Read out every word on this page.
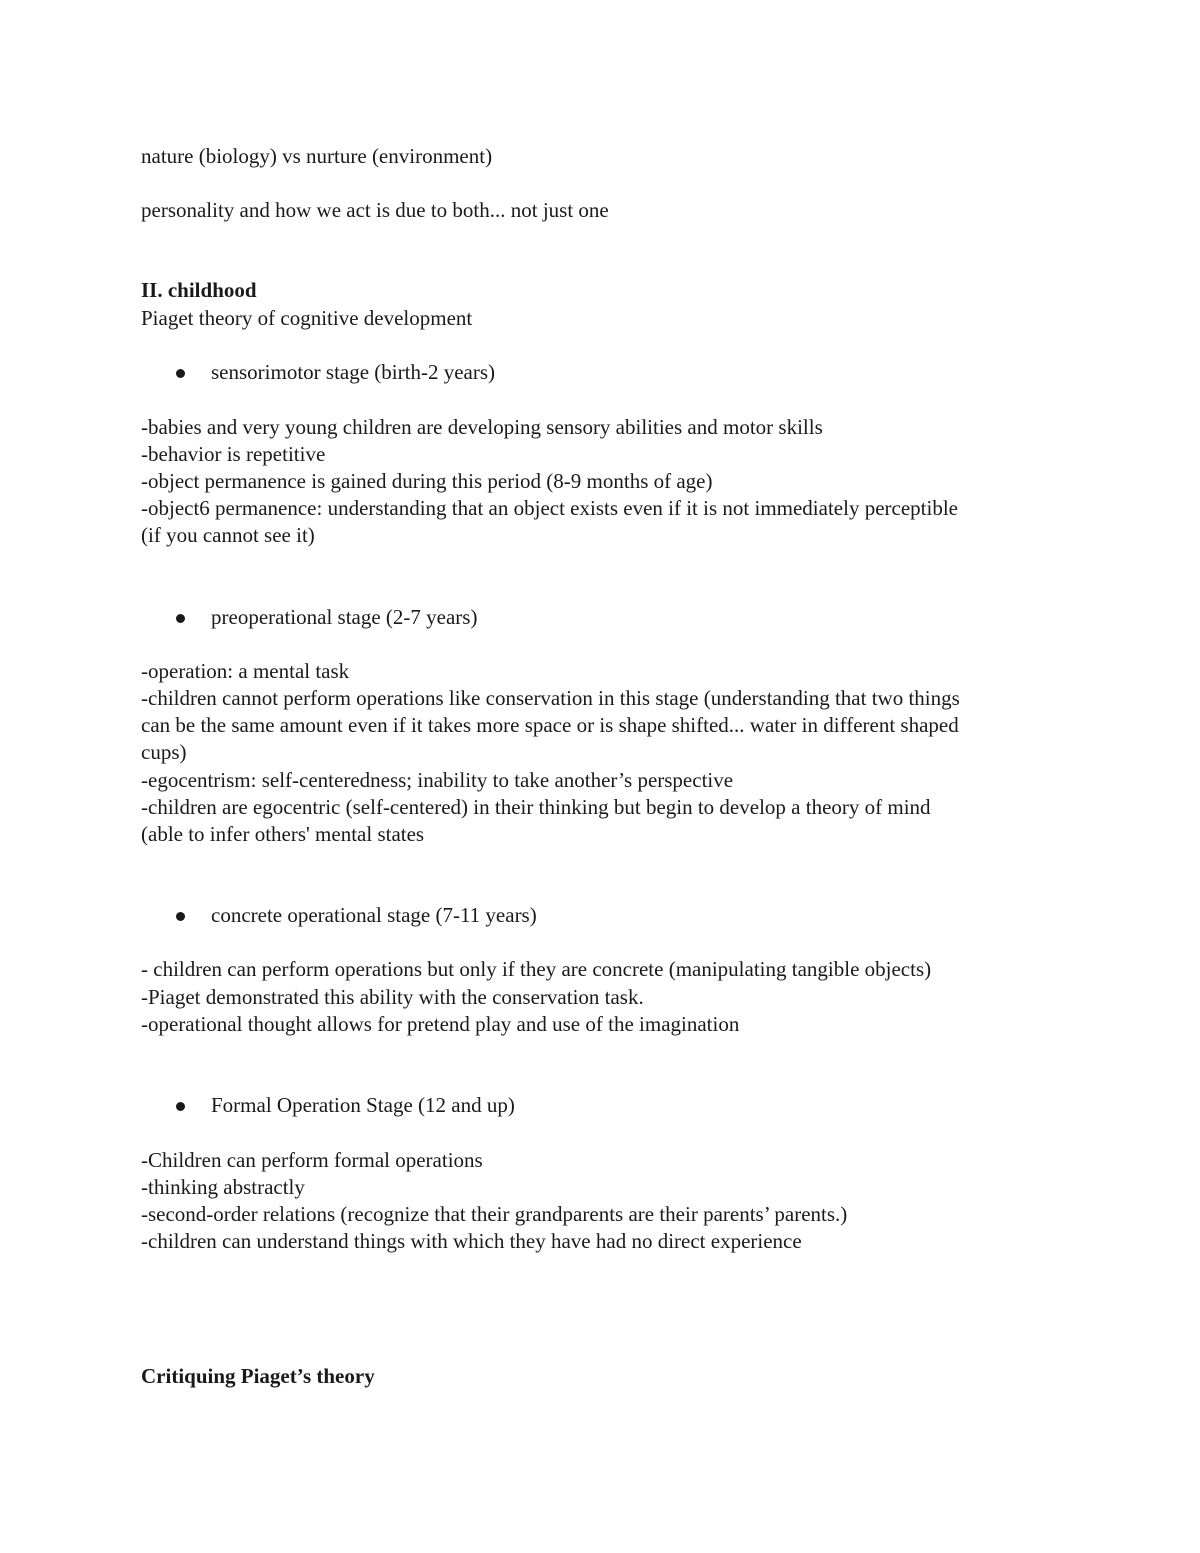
nature (biology) vs nurture (environment)
personality and how we act is due to both... not just one
II. childhood
Piaget theory of cognitive development
sensorimotor stage (birth-2 years)
-babies and very young children are developing sensory abilities and motor skills
-behavior is repetitive
-object permanence is gained during this period (8-9 months of age)
-object6 permanence: understanding that an object exists even if it is not immediately perceptible
(if you cannot see it)
preoperational stage (2-7 years)
-operation: a mental task
-children cannot perform operations like conservation in this stage (understanding that two things
can be the same amount even if it takes more space or is shape shifted... water in different shaped
cups)
-egocentrism: self-centeredness; inability to take another’s perspective
-children are egocentric (self-centered) in their thinking but begin to develop a theory of mind
(able to infer others' mental states
concrete operational stage (7-11 years)
- children can perform operations but only if they are concrete (manipulating tangible objects)
-Piaget demonstrated this ability with the conservation task.
-operational thought allows for pretend play and use of the imagination
Formal Operation Stage (12 and up)
-Children can perform formal operations
-thinking abstractly
-second-order relations (recognize that their grandparents are their parents’ parents.)
-children can understand things with which they have had no direct experience
Critiquing Piaget’s theory
